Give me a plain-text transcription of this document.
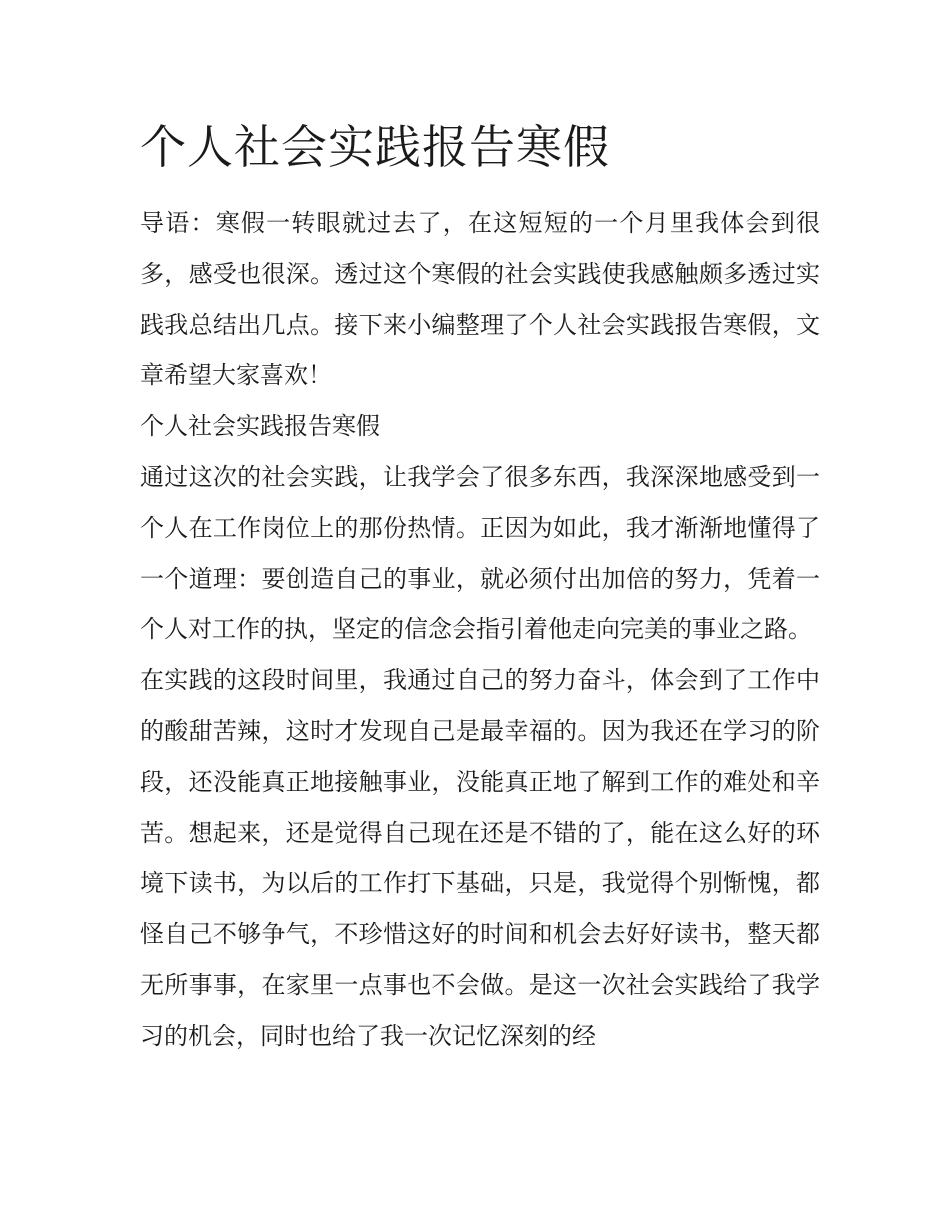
个人社会实践报告寒假

导语：寒假一转眼就过去了，在这短短的一个月里我体会到很多，感受也很深。透过这个寒假的社会实践使我感触颇多透过实践我总结出几点。接下来小编整理了个人社会实践报告寒假，文章希望大家喜欢！

个人社会实践报告寒假

通过这次的社会实践，让我学会了很多东西，我深深地感受到一个人在工作岗位上的那份热情。正因为如此，我才渐渐地懂得了一个道理：要创造自己的事业，就必须付出加倍的努力，凭着一个人对工作的执，坚定的信念会指引着他走向完美的事业之路。

在实践的这段时间里，我通过自己的努力奋斗，体会到了工作中的酸甜苦辣，这时才发现自己是最幸福的。因为我还在学习的阶段，还没能真正地接触事业，没能真正地了解到工作的难处和辛苦。想起来，还是觉得自己现在还是不错的了，能在这么好的环境下读书，为以后的工作打下基础，只是，我觉得个别惭愧，都怪自己不够争气，不珍惜这好的时间和机会去好好读书，整天都无所事事，在家里一点事也不会做。是这一次社会实践给了我学习的机会，同时也给了我一次记忆深刻的经
